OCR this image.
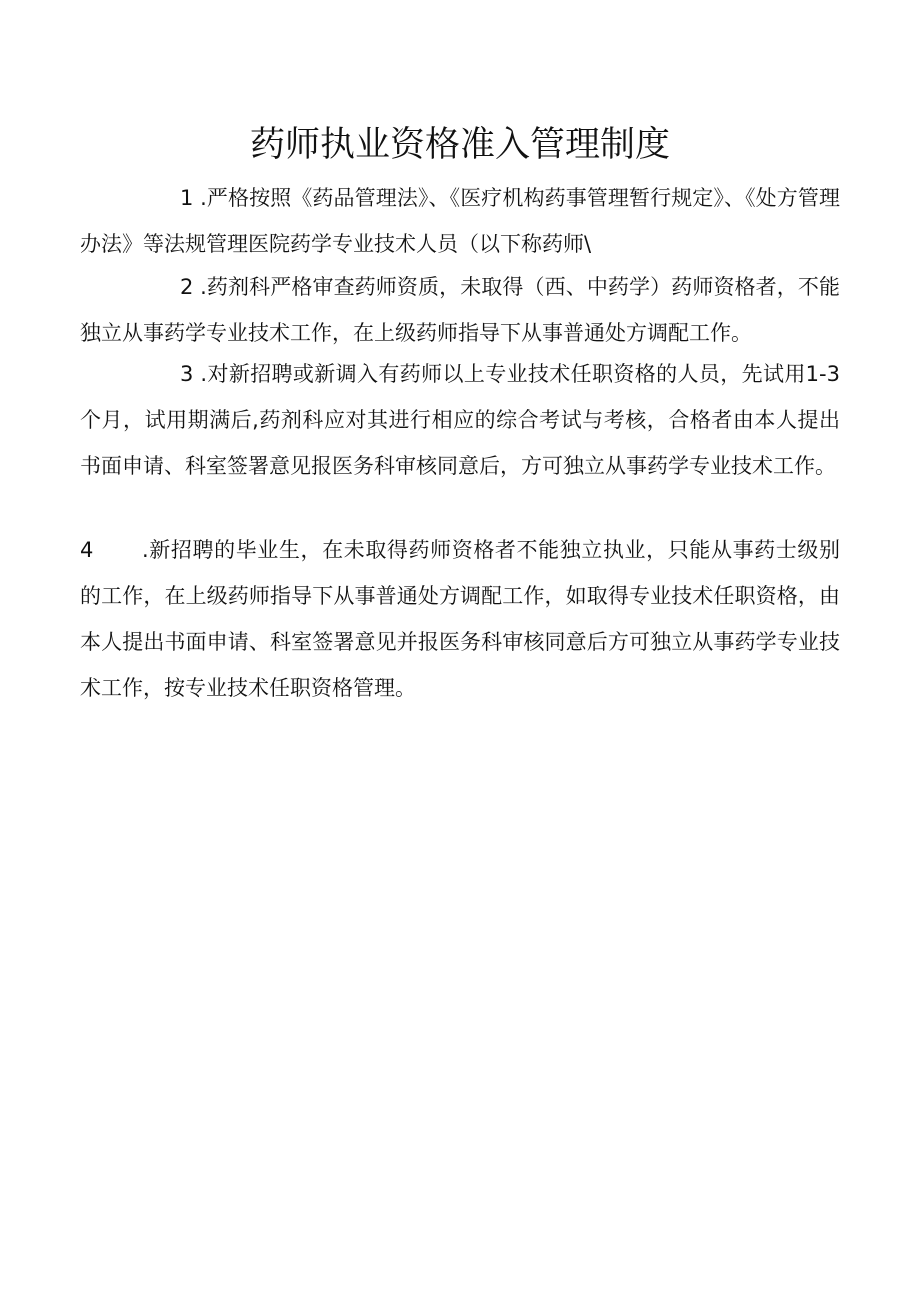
药师执业资格准入管理制度

1 .严格按照《药品管理法》、《医疗机构药事管理暂行规定》、《处方管理办法》等法规管理医院药学专业技术人员（以下称药师\

2 .药剂科严格审查药师资质，未取得（西、中药学）药师资格者，不能独立从事药学专业技术工作，在上级药师指导下从事普通处方调配工作。

3 .对新招聘或新调入有药师以上专业技术任职资格的人员，先试用1-3个月，试用期满后,药剂科应对其进行相应的综合考试与考核，合格者由本人提出书面申请、科室签署意见报医务科审核同意后，方可独立从事药学专业技术工作。

4 .新招聘的毕业生，在未取得药师资格者不能独立执业，只能从事药士级别的工作，在上级药师指导下从事普通处方调配工作，如取得专业技术任职资格，由本人提出书面申请、科室签署意见并报医务科审核同意后方可独立从事药学专业技术工作，按专业技术任职资格管理。
